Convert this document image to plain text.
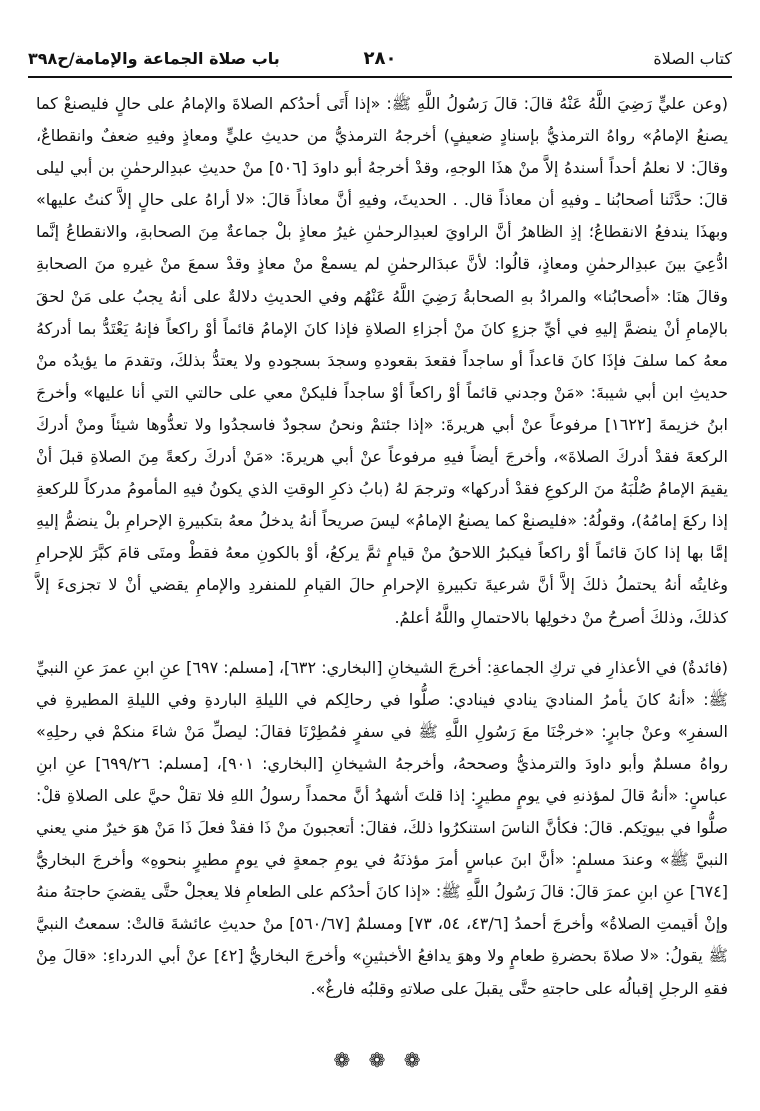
كتاب الصلاة
٢٨٠
باب صلاة الجماعة والإمامة/ح٣٩٨

(وعن عليٍّ رَضِيَ اللَّهُ عَنْهُ قالَ: قالَ رَسُولُ اللَّهِ ﷺ: «إذا أَتَى أحدُكم الصلاةَ والإمامُ على حالٍ فليصنعْ كما يصنعُ الإمامُ» رواهُ الترمذيُّ بإسنادٍ ضعيفٍ) أخرجهُ الترمذيُّ من حديثِ عليٍّ ومعاذٍ وفيهِ ضعفٌ وانقطاعٌ، وقالَ: لا نعلمُ أحداً أسندهُ إلاَّ منْ هذَا الوجهِ، وقدْ أخرجهُ أبو داودَ [٥٠٦] منْ حديثِ عبدِالرحمٰنِ بن أبي ليلى قالَ: حدَّثَنا أصحابُنا ـ وفيهِ أن معاذاً قال. . الحديثَ، وفيهِ أنَّ معاذاً قالَ: «لا أراهُ على حالٍ إلاَّ كنتُ عليها» وبهذَا يندفعُ الانقطاعُ؛ إذِ الظاهرُ أنَّ الراويَ لعبدِالرحمٰنِ غيرُ معاذٍ بلْ جماعةٌ مِنَ الصحابةِ، والانقطاعُ إنَّما ادُّعِيَ بينَ عبدِالرحمٰنِ ومعاذٍ، قالُوا: لأنَّ عبدَالرحمٰنِ لم يسمعْ منْ معاذٍ وقدْ سمعَ منْ غيرهِ منَ الصحابةِ وقالَ هنَا: «أصحابُنا» والمرادُ بهِ الصحابةُ رَضِيَ اللَّهُ عَنْهُم وفي الحديثِ دلالةٌ على أنهُ يجبُ على مَنْ لحقَ بالإمامِ أنْ ينضمَّ إليهِ في أيِّ جزءٍ كانَ منْ أجزاءِ الصلاةِ فإذا كانَ الإمامُ قائماً أوْ راكعاً فإنهُ يَعْتَدُّ بما أدركهُ معهُ كما سلفَ فإذَا كانَ قاعداً أو ساجداً فقعدَ بقعودهِ وسجدَ بسجودهِ ولا يعتدُّ بذلكَ، وتقدمَ ما يؤيدُه منْ حديثِ ابن أبي شيبةَ: «مَنْ وجدني قائماً أوْ راكعاً أوْ ساجداً فليكنْ معي على حالتي التي أنا عليها» وأخرجَ ابنُ خزيمةَ [١٦٢٢] مرفوعاً عنْ أبي هريرةَ: «إذا جئتمْ ونحنُ سجودٌ فاسجدُوا ولا تعدُّوها شيئاً ومنْ أدركَ الركعةَ فقدْ أدركَ الصلاةَ»، وأخرجَ أيضاً فيهِ مرفوعاً عنْ أبي هريرةَ: «مَنْ أدركَ ركعةً مِنَ الصلاةِ قبلَ أنْ يقيمَ الإمامُ صُلْبَهُ منَ الركوعِ فقدْ أدركها» وترجمَ لهُ (بابُ ذكرِ الوقتِ الذي يكونُ فيهِ المأمومُ مدركاً للركعةِ إذا ركعَ إمامُهُ)، وقولُهُ: «فليصنعْ كما يصنعُ الإمامُ» ليسَ صريحاً أنهُ يدخلُ معهُ بتكبيرةِ الإحرامِ بلْ ينضمُّ إليهِ إمَّا بها إذا كانَ قائماً أوْ راكعاً فيكبرُ اللاحقُ منْ قيامٍ ثمَّ يركعُ، أوْ بالكونِ معهُ فقطْ ومتَى قامَ كبَّرَ للإحرامِ وغايتُه أنهُ يحتملُ ذلكَ إلاَّ أنَّ شرعيةَ تكبيرةِ الإحرامِ حالَ القيامِ للمنفردِ والإمامِ يقضي أنْ لا تجزىءَ إلاَّ كذلكَ، وذلكَ أصرحُ منْ دخولِها بالاحتمالِ واللَّهُ أعلمُ.

(فائدةٌ) في الأعذارِ في تركِ الجماعةِ: أخرجَ الشيخانِ [البخاري: ٦٣٢]، [مسلم: ٦٩٧] عنِ ابنِ عمرَ عنِ النبيِّ ﷺ: «أنهُ كانَ يأمرُ المناديَ ينادي فينادي: صلُّوا في رحالِكم في الليلةِ الباردةِ وفي الليلةِ المطيرةِ في السفرِ» وعنْ جابرٍ: «خرجْنَا معَ رَسُولِ اللَّهِ ﷺ في سفرٍ فمُطِرْنَا فقالَ: ليصلِّ مَنْ شاءَ منكمْ في رحلِهِ» رواهُ مسلمٌ وأبو داودَ والترمذيُّ وصححهُ، وأخرجهُ الشيخانِ [البخاري: ٩٠١]، [مسلم: ٦٩٩/٢٦] عنِ ابنِ عباسٍ: «أنهُ قالَ لمؤذنهِ في يومٍ مطيرٍ: إذا قلتَ أشهدُ أنَّ محمداً رسولُ اللهِ فلا تقلْ حيَّ على الصلاةِ قلْ: صلُّوا في بيوتِكم. قالَ: فكأنَّ الناسَ استنكرُوا ذلكَ، فقالَ: أتعجبونَ منْ ذَا فقدْ فعلَ ذَا مَنْ هوَ خيرٌ مني يعني النبيَّ ﷺ» وعندَ مسلمٍ: «أنَّ ابنَ عباسٍ أمرَ مؤذنَهُ في يومِ جمعةٍ في يومٍ مطيرٍ بنحوهِ» وأخرجَ البخاريُّ [٦٧٤] عنِ ابنِ عمرَ قالَ: قالَ رَسُولُ اللَّهِ ﷺ: «إذا كانَ أحدُكم على الطعامِ فلا يعجلْ حتَّى يقضيَ حاجتهُ منهُ وإنْ أقيمتِ الصلاةُ» وأخرجَ أحمدُ [٤٣/٦، ٥٤، ٧٣] ومسلمٌ [٥٦٠/٦٧] منْ حديثِ عائشةَ قالتْ: سمعتُ النبيَّ ﷺ يقولُ: «لا صلاةَ بحضرةِ طعامٍ ولا وهوَ يدافعُ الأخبثينِ» وأخرجَ البخاريُّ [٤٢] عنْ أبي الدرداءِ: «قالَ مِنْ فقهِ الرجلِ إقبالُه على حاجتهِ حتَّى يقبلَ على صلاتهِ وقلبُه فارغٌ».

❁ ❁ ❁
